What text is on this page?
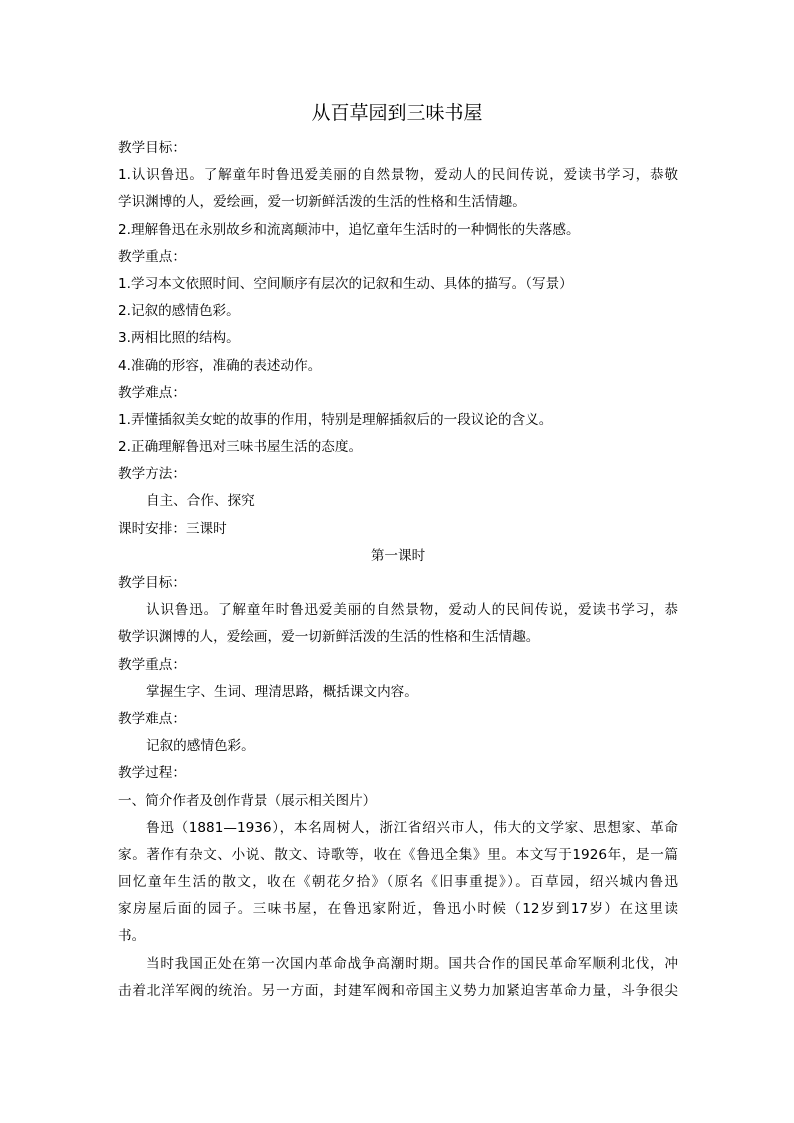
从百草园到三味书屋
教学目标：
1.认识鲁迅。了解童年时鲁迅爱美丽的自然景物，爱动人的民间传说，爱读书学习，恭敬
学识渊博的人，爱绘画，爱一切新鲜活泼的生活的性格和生活情趣。
2.理解鲁迅在永别故乡和流离颠沛中，追忆童年生活时的一种惆怅的失落感。
教学重点：
1.学习本文依照时间、空间顺序有层次的记叙和生动、具体的描写。（写景）
2.记叙的感情色彩。
3.两相比照的结构。
4.准确的形容，准确的表述动作。
教学难点：
1.弄懂插叙美女蛇的故事的作用，特别是理解插叙后的一段议论的含义。
2.正确理解鲁迅对三味书屋生活的态度。
教学方法：
自主、合作、探究
课时安排：三课时
第一课时
教学目标：
认识鲁迅。了解童年时鲁迅爱美丽的自然景物，爱动人的民间传说，爱读书学习，恭
敬学识渊博的人，爱绘画，爱一切新鲜活泼的生活的性格和生活情趣。
教学重点：
掌握生字、生词、理清思路，概括课文内容。
教学难点：
记叙的感情色彩。
教学过程：
一、简介作者及创作背景（展示相关图片）
鲁迅（1881—1936），本名周树人，浙江省绍兴市人，伟大的文学家、思想家、革命
家。著作有杂文、小说、散文、诗歌等，收在《鲁迅全集》里。本文写于1926年，是一篇
回忆童年生活的散文，收在《朝花夕拾》（原名《旧事重提》）。百草园，绍兴城内鲁迅
家房屋后面的园子。三味书屋，在鲁迅家附近，鲁迅小时候（12岁到17岁）在这里读
书。
当时我国正处在第一次国内革命战争高潮时期。国共合作的国民革命军顺利北伐，冲
击着北洋军阀的统治。另一方面，封建军阀和帝国主义势力加紧迫害革命力量，斗争很尖
